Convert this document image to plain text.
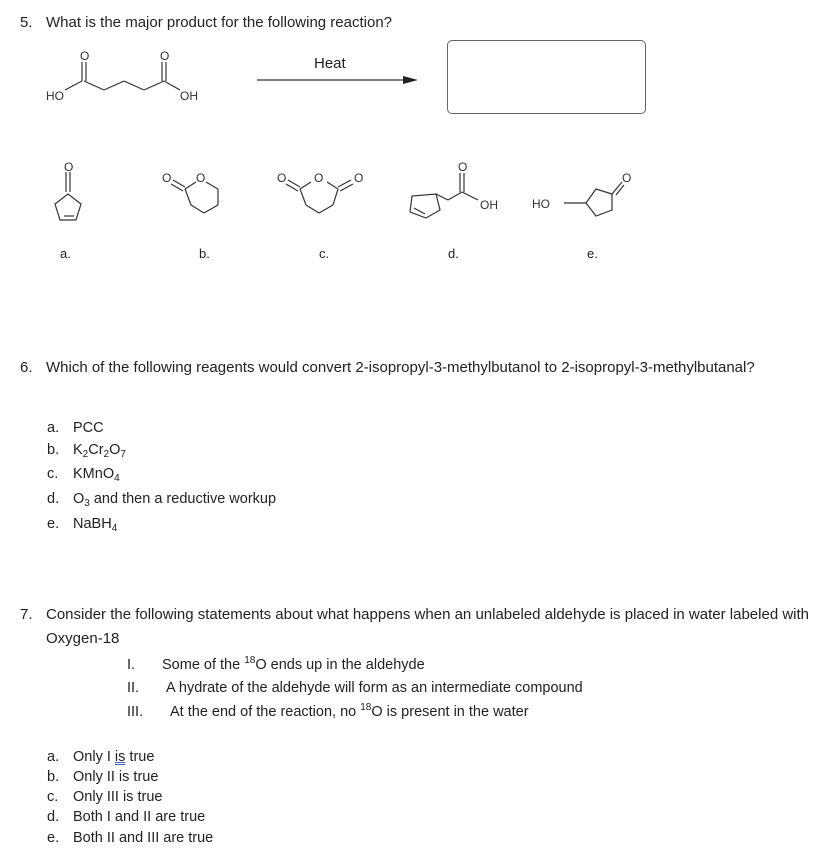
5. What is the major product for the following reaction?
HO	OH
O	O	Heat
O
a.
O O
b.
O O	O
c.
O
OH
d.
HO
O
e.
6. Which of the following reagents would convert 2-isopropyl-3-methylbutanol to 2-isopropyl-3-methylbutanal?
a. PCC
b. $K_2Cr_2O_7$
c. KMnO$_4$
d. $O_3$ and then a reductive workup
e. NaBH$_4$
7. Consider the following statements about what happens when an unlabeled aldehyde is placed in water labeled with
Oxygen-18
I. Some of the $^{18}$O ends up in the aldehyde
II. A hydrate of the aldehyde will form as an intermediate compound
III. At the end of the reaction, no $^{18}$O is present in the water
a. Only I is true
b. Only II is true
c. Only III is true
d. Both I and II are true
e. Both II and III are true
